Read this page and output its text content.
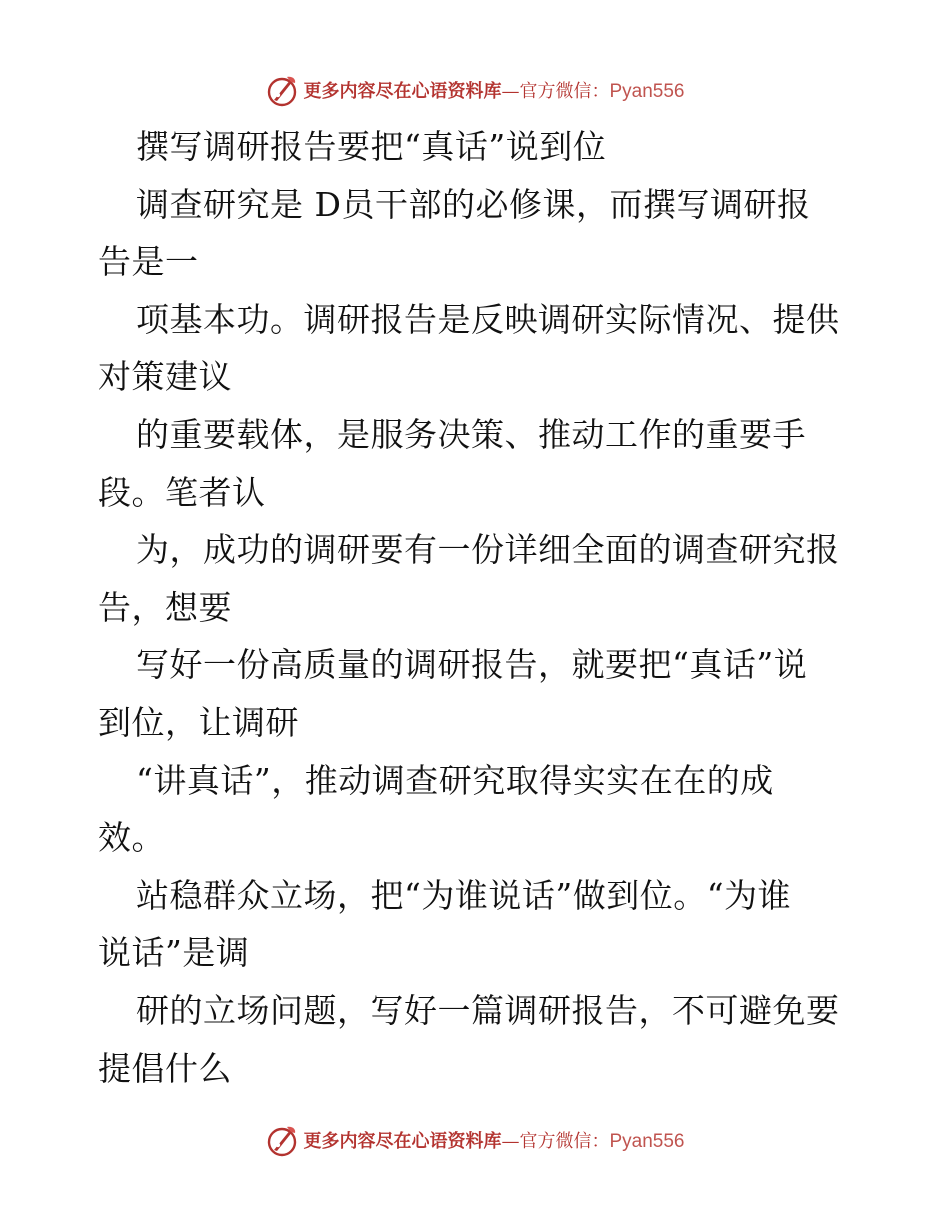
更多内容尽在心语资料库—官方微信：Pyan556
撰写调研报告要把“真话”说到位
调查研究是 D员干部的必修课，而撰写调研报
告是一
项基本功。调研报告是反映调研实际情况、提供
对策建议
的重要载体，是服务决策、推动工作的重要手
段。笔者认
为，成功的调研要有一份详细全面的调查研究报
告，想要
写好一份高质量的调研报告，就要把“真话”说
到位，让调研
“讲真话”，推动调查研究取得实实在在的成
效。
站稳群众立场，把“为谁说话”做到位。“为谁
说话”是调
研的立场问题，写好一篇调研报告，不可避免要
提倡什么
更多内容尽在心语资料库—官方微信：Pyan556
